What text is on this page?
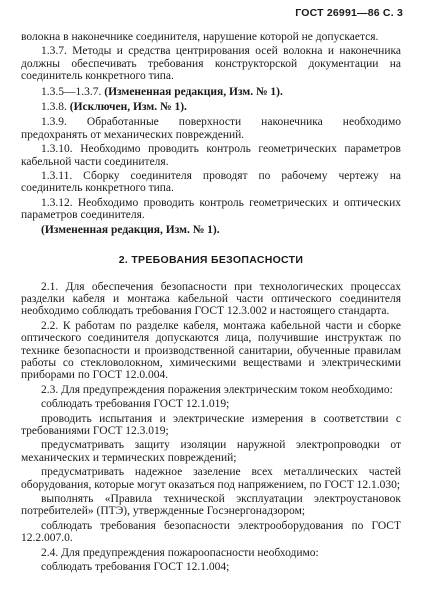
ГОСТ 26991—86 С. 3

волокна в наконечнике соединителя, нарушение которой не допускается.

1.3.7. Методы и средства центрирования осей волокна и наконечника должны обеспечивать требования конструкторской документации на соединитель конкретного типа.

1.3.5—1.3.7. (Измененная редакция, Изм. № 1).

1.3.8. (Исключен, Изм. № 1).

1.3.9. Обработанные поверхности наконечника необходимо предохранять от механических повреждений.

1.3.10. Необходимо проводить контроль геометрических параметров кабельной части соединителя.

1.3.11. Сборку соединителя проводят по рабочему чертежу на соединитель конкретного типа.

1.3.12. Необходимо проводить контроль геометрических и оптических параметров соединителя.

(Измененная редакция, Изм. № 1).

2. ТРЕБОВАНИЯ БЕЗОПАСНОСТИ

2.1. Для обеспечения безопасности при технологических процессах разделки кабеля и монтажа кабельной части оптического соединителя необходимо соблюдать требования ГОСТ 12.3.002 и настоящего стандарта.

2.2. К работам по разделке кабеля, монтажа кабельной части и сборке оптического соединителя допускаются лица, получившие инструктаж по технике безопасности и производственной санитарии, обученные правилам работы со стекловолокном, химическими веществами и электрическими приборами по ГОСТ 12.0.004.

2.3. Для предупреждения поражения электрическим током необходимо:

соблюдать требования ГОСТ 12.1.019;

проводить испытания и электрические измерения в соответствии с требованиями ГОСТ 12.3.019;

предусматривать защиту изоляции наружной электропроводки от механических и термических повреждений;

предусматривать надежное зазеление всех металлических частей оборудования, которые могут оказаться под напряжением, по ГОСТ 12.1.030;

выполнять «Правила технической эксплуатации электроустановок потребителей» (ПТЭ), утвержденные Госэнергонадзором;

соблюдать требования безопасности электрооборудования по ГОСТ 12.2.007.0.

2.4. Для предупреждения пожароопасности необходимо:

соблюдать требования ГОСТ 12.1.004;
